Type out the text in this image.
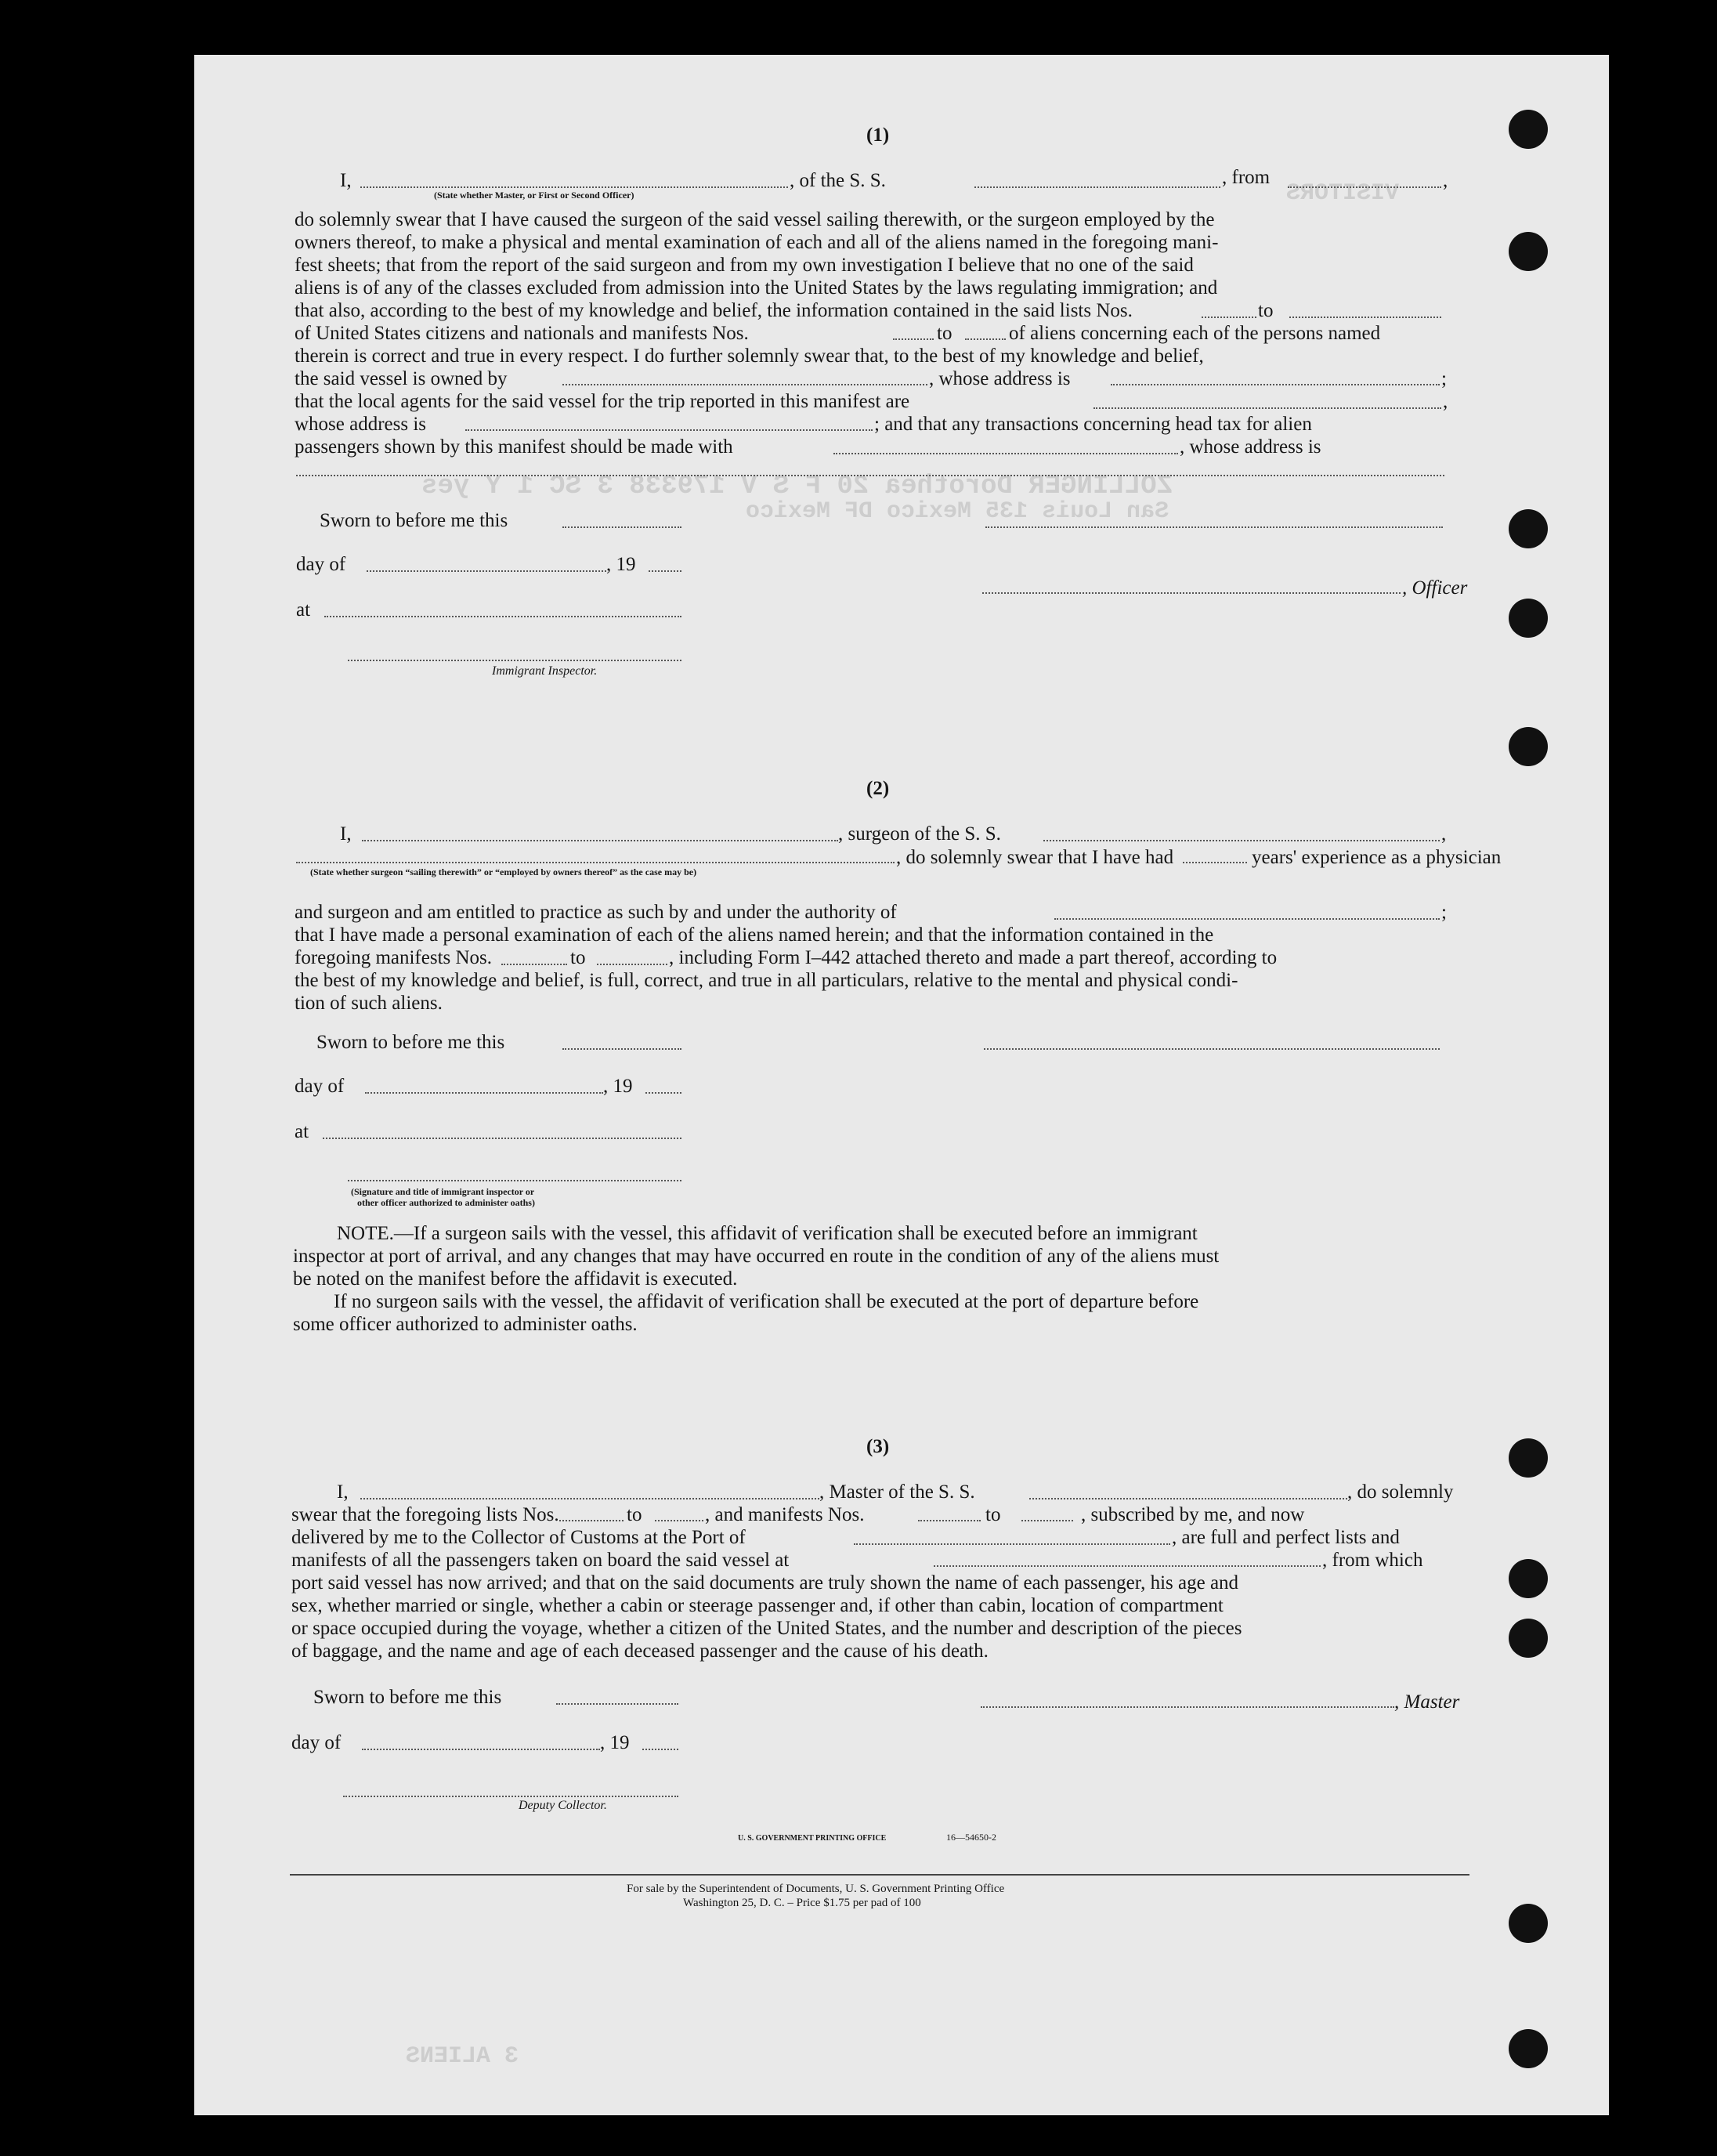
VISITORS
ZOLLINGER Dorothea 20 F S V 179338 3 SC 1 Y yes
San Louis 135 Mexico DF Mexico
3 ALIENS
(1)
I,	, of the S. S.	, from	,
(State whether Master, or First or Second Officer)
do solemnly swear that I have caused the surgeon of the said vessel sailing therewith, or the surgeon employed by the
owners thereof, to make a physical and mental examination of each and all of the aliens named in the foregoing mani-
fest sheets; that from the report of the said surgeon and from my own investigation I believe that no one of the said
aliens is of any of the classes excluded from admission into the United States by the laws regulating immigration; and
that also, according to the best of my knowledge and belief, the information contained in the said lists Nos.	to
of United States citizens and nationals and manifests Nos.	to	of aliens concerning each of the persons named
therein is correct and true in every respect. I do further solemnly swear that, to the best of my knowledge and belief,
the said vessel is owned by	, whose address is	;
that the local agents for the said vessel for the trip reported in this manifest are	,
whose address is	; and that any transactions concerning head tax for alien
passengers shown by this manifest should be made with	, whose address is
Sworn to before me this
day of	, 19
at
, Officer
Immigrant Inspector.
(2)
I,	, surgeon of the S. S.	,
, do solemnly swear that I have had	years' experience as a physician
(State whether surgeon “sailing therewith” or “employed by owners thereof” as the case may be)
and surgeon and am entitled to practice as such by and under the authority of	;
that I have made a personal examination of each of the aliens named herein; and that the information contained in the
foregoing manifests Nos.	to	, including Form I–442 attached thereto and made a part thereof, according to
the best of my knowledge and belief, is full, correct, and true in all particulars, relative to the mental and physical condi-
tion of such aliens.
Sworn to before me this
day of	, 19
at
(Signature and title of immigrant inspector or
other officer authorized to administer oaths)
NOTE.—If a surgeon sails with the vessel, this affidavit of verification shall be executed before an immigrant
inspector at port of arrival, and any changes that may have occurred en route in the condition of any of the aliens must
be noted on the manifest before the affidavit is executed.
If no surgeon sails with the vessel, the affidavit of verification shall be executed at the port of departure before
some officer authorized to administer oaths.
(3)
I,	, Master of the S. S.	, do solemnly
swear that the foregoing lists Nos.	to	, and manifests Nos.	to	, subscribed by me, and now
delivered by me to the Collector of Customs at the Port of	, are full and perfect lists and
manifests of all the passengers taken on board the said vessel at	, from which
port said vessel has now arrived; and that on the said documents are truly shown the name of each passenger, his age and
sex, whether married or single, whether a cabin or steerage passenger and, if other than cabin, location of compartment
or space occupied during the voyage, whether a citizen of the United States, and the number and description of the pieces
of baggage, and the name and age of each deceased passenger and the cause of his death.
Sworn to before me this	, Master
day of	, 19
Deputy Collector.
U. S. GOVERNMENT PRINTING OFFICE	16—54650-2
For sale by the Superintendent of Documents, U. S. Government Printing Office
Washington 25, D. C. – Price $1.75 per pad of 100
